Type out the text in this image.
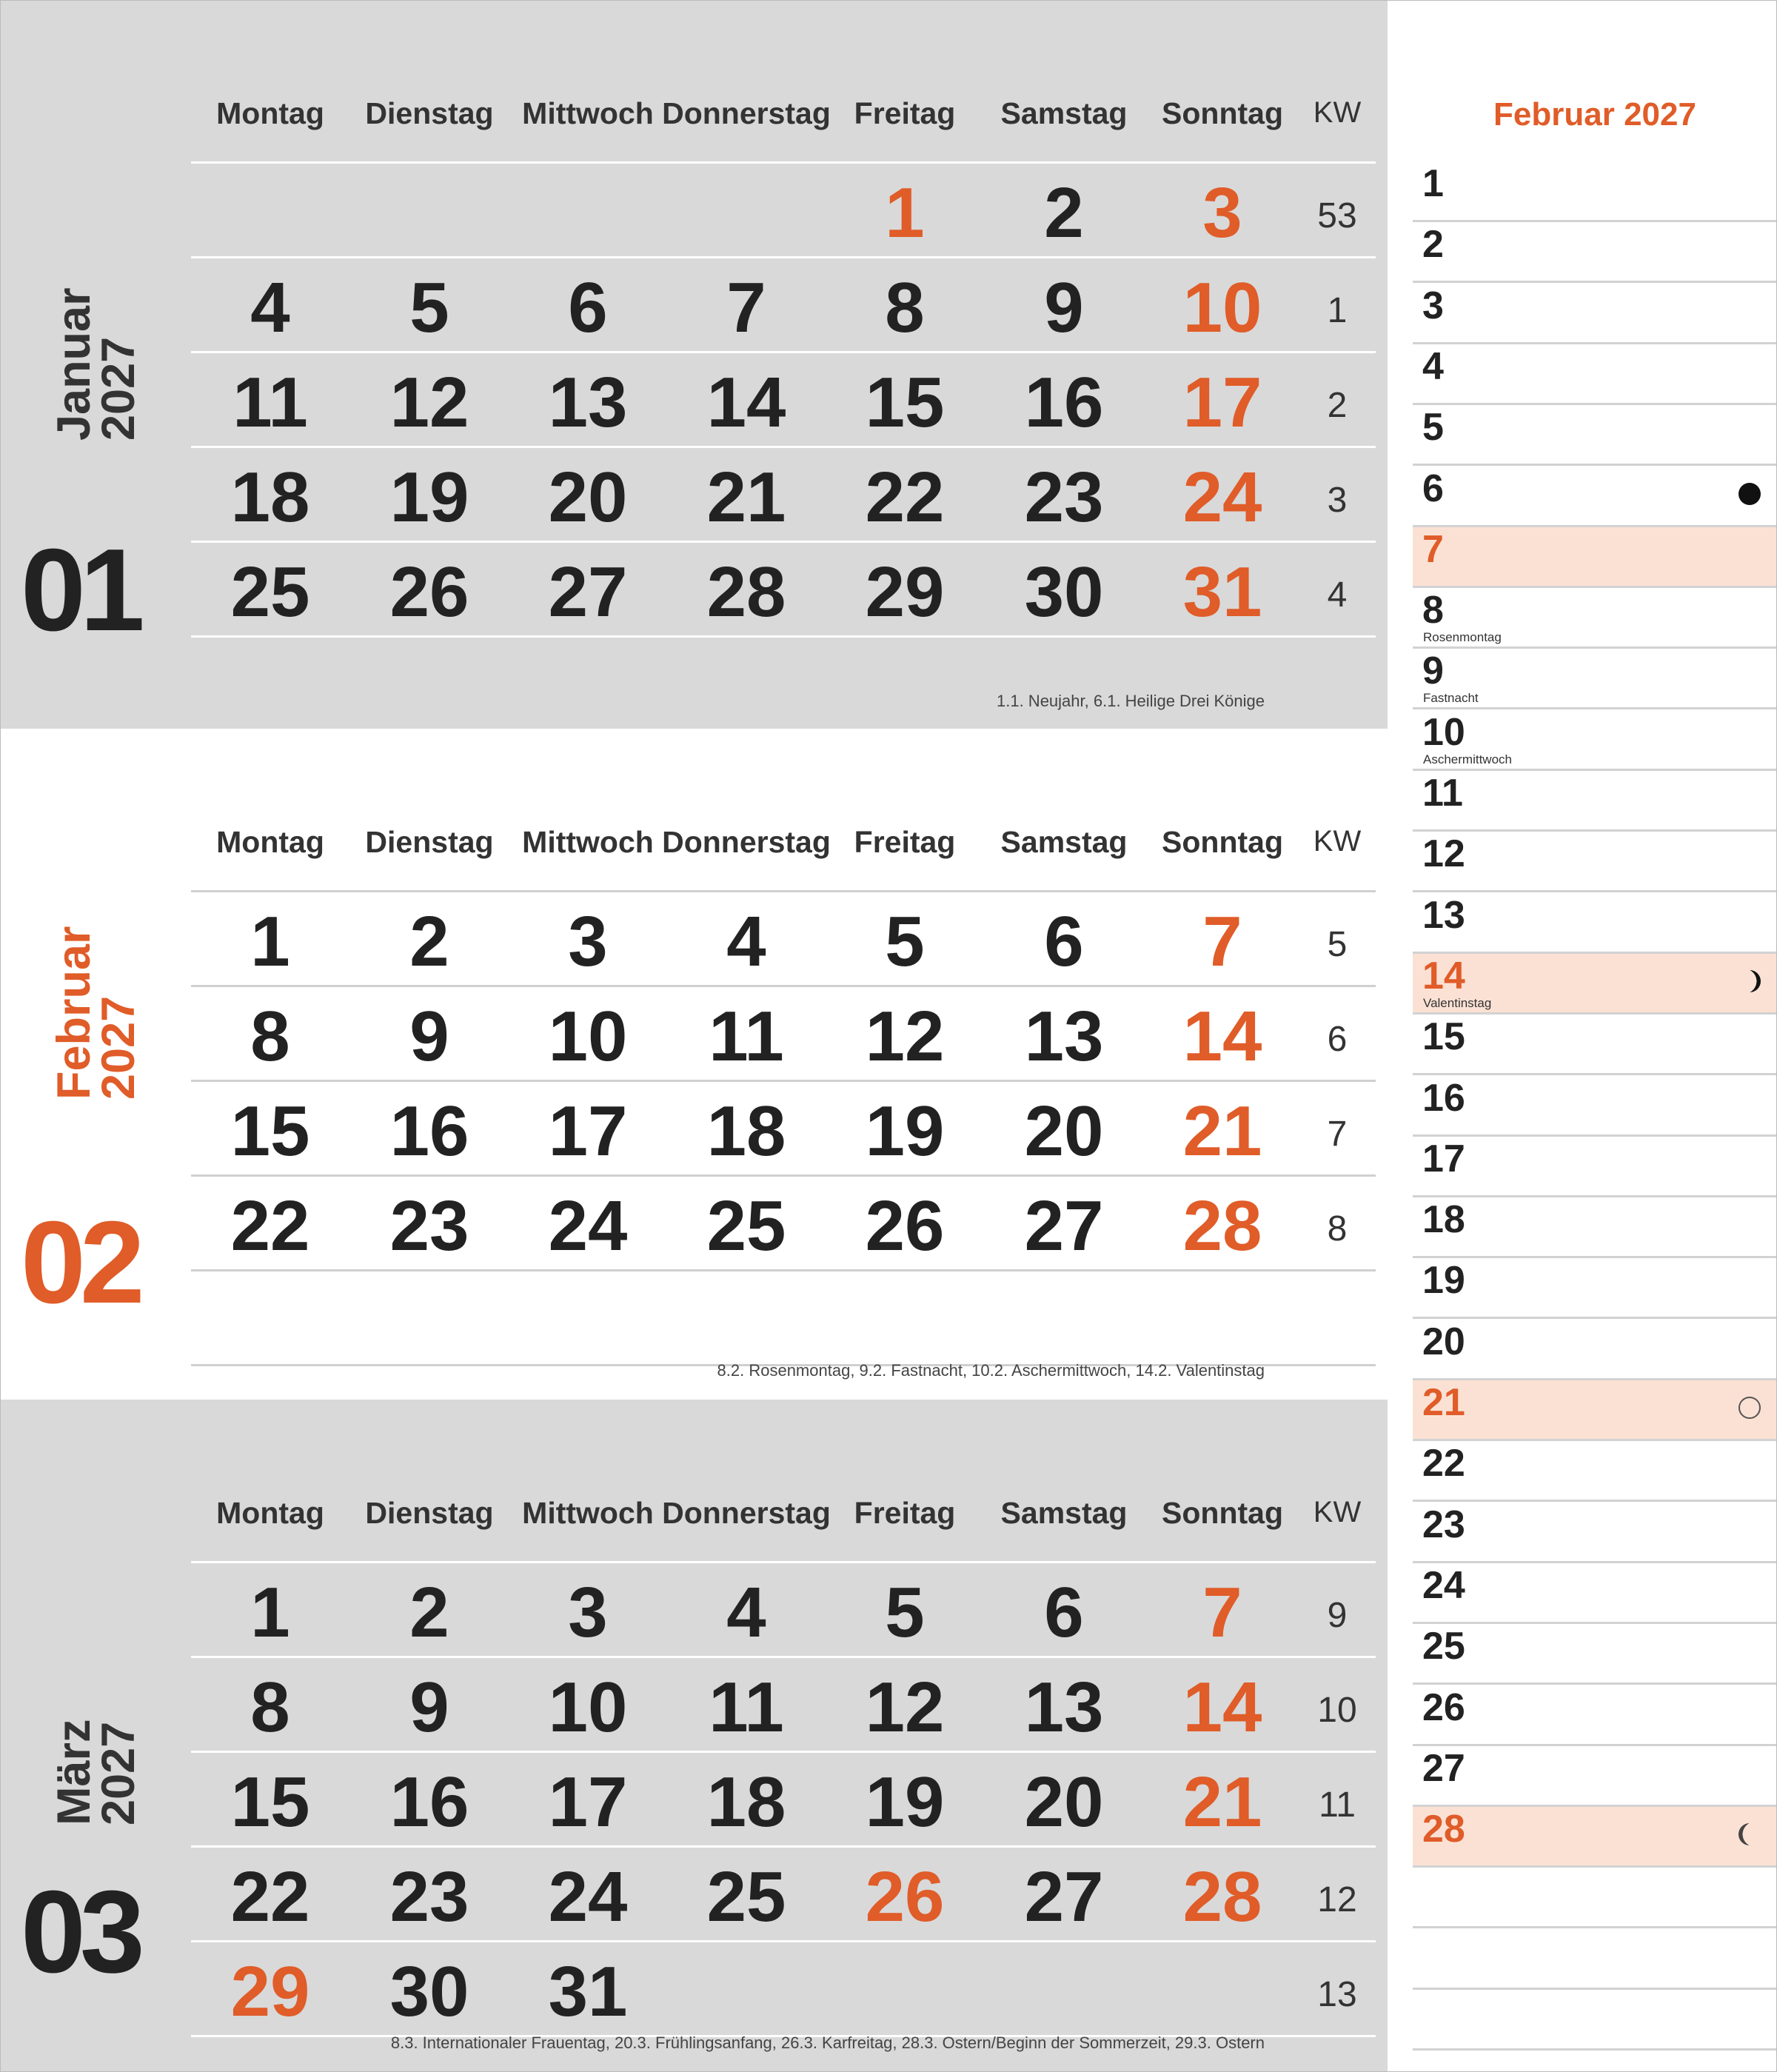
Januar
2027
01
Montag Dienstag Mittwoch Donnerstag Freitag Samstag Sonntag KW
1 2 3 53
4 5 6 7 8 9 10 1
11 12 13 14 15 16 17 2
18 19 20 21 22 23 24 3
25 26 27 28 29 30 31 4
1.1. Neujahr, 6.1. Heilige Drei Könige
Februar
2027
02
Montag Dienstag Mittwoch Donnerstag Freitag Samstag Sonntag KW
1 2 3 4 5 6 7 5
8 9 10 11 12 13 14 6
15 16 17 18 19 20 21 7
22 23 24 25 26 27 28 8
8.2. Rosenmontag, 9.2. Fastnacht, 10.2. Aschermittwoch, 14.2. Valentinstag
März
2027
03
Montag Dienstag Mittwoch Donnerstag Freitag Samstag Sonntag KW
1 2 3 4 5 6 7 9
8 9 10 11 12 13 14 10
15 16 17 18 19 20 21 11
22 23 24 25 26 27 28 12
29 30 31	13
8.3. Internationaler Frauentag, 20.3. Frühlingsanfang, 26.3. Karfreitag, 28.3. Ostern/Beginn der Sommerzeit, 29.3. Ostern
Februar 2027
1
2
3
4
5
6
7
8
Rosenmontag
9
Fastnacht
10
Aschermittwoch
11
12
13
14
Valentinstag
15
16
17
18
19
20
21
22
23
24
25
26
27
28
